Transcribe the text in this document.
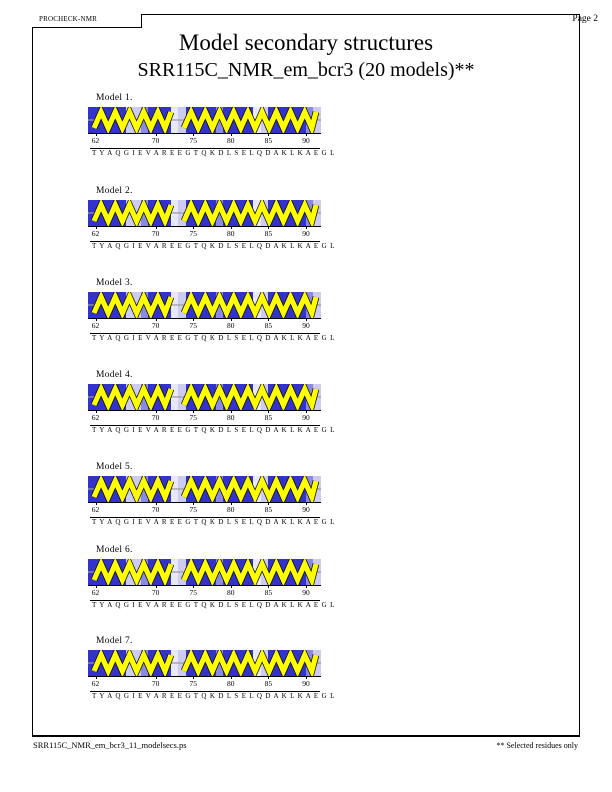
PROCHECK-NMR	Page 2
Model secondary structures
SRR115C_NMR_em_bcr3 (20 models)**
Model 1.
62	70	75	80	85	90
T Y A Q G I E V A R E E G T Q K D L S E L Q D A K L K A E G L
Model 2.
62	70	75	80	85	90
T Y A Q G I E V A R E E G T Q K D L S E L Q D A K L K A E G L
Model 3.
62	70	75	80	85	90
T Y A Q G I E V A R E E G T Q K D L S E L Q D A K L K A E G L
Model 4.
62	70	75	80	85	90
T Y A Q G I E V A R E E G T Q K D L S E L Q D A K L K A E G L
Model 5.
62	70	75	80	85	90
T Y A Q G I E V A R E E G T Q K D L S E L Q D A K L K A E G L
Model 6.
62	70	75	80	85	90
T Y A Q G I E V A R E E G T Q K D L S E L Q D A K L K A E G L
Model 7.
62	70	75	80	85	90
T Y A Q G I E V A R E E G T Q K D L S E L Q D A K L K A E G L
SRR115C_NMR_em_bcr3_11_modelsecs.ps	** Selected residues only
